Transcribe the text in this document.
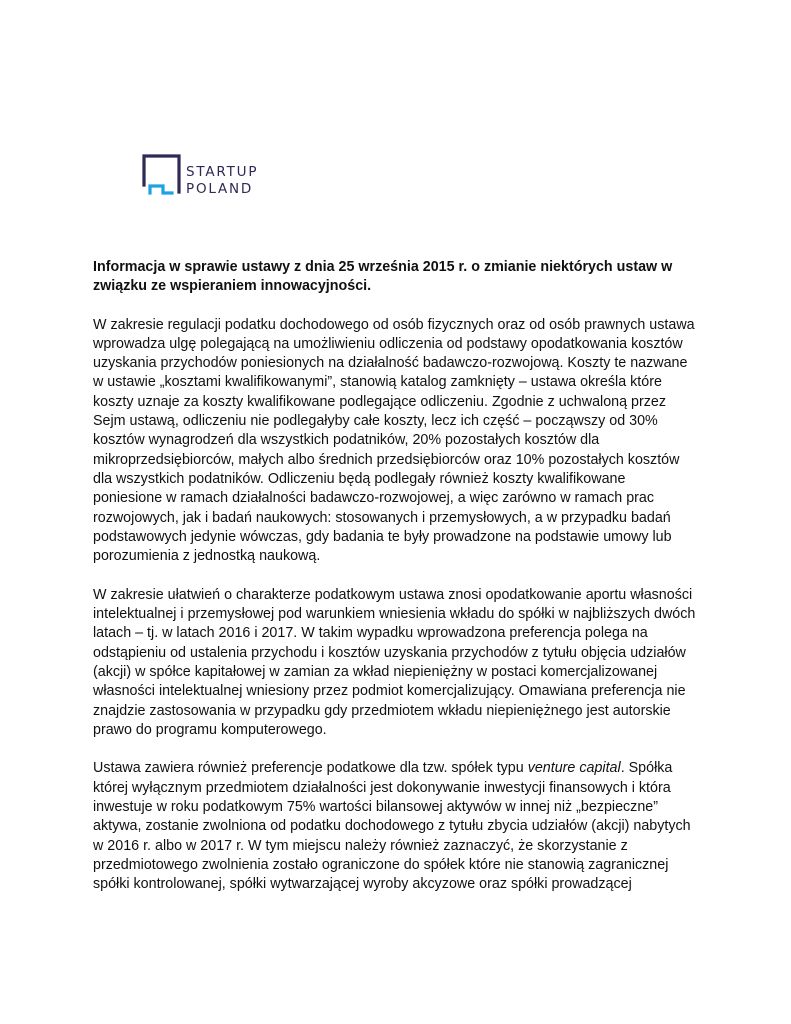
STARTUP
POLAND

Informacja w sprawie ustawy z dnia 25 września 2015 r. o zmianie niektórych ustaw w związku ze wspieraniem innowacyjności.

W zakresie regulacji podatku dochodowego od osób fizycznych oraz od osób prawnych ustawa wprowadza ulgę polegającą na umożliwieniu odliczenia od podstawy opodatkowania kosztów uzyskania przychodów poniesionych na działalność badawczo-rozwojową. Koszty te nazwane w ustawie „kosztami kwalifikowanymi”, stanowią katalog zamknięty – ustawa określa które koszty uznaje za koszty kwalifikowane podlegające odliczeniu. Zgodnie z uchwaloną przez Sejm ustawą, odliczeniu nie podlegałyby całe koszty, lecz ich część – począwszy od 30% kosztów wynagrodzeń dla wszystkich podatników, 20% pozostałych kosztów dla mikroprzedsiębiorców, małych albo średnich przedsiębiorców oraz 10% pozostałych kosztów dla wszystkich podatników. Odliczeniu będą podlegały również koszty kwalifikowane poniesione w ramach działalności badawczo-rozwojowej, a więc zarówno w ramach prac rozwojowych, jak i badań naukowych: stosowanych i przemysłowych, a w przypadku badań podstawowych jedynie wówczas, gdy badania te były prowadzone na podstawie umowy lub porozumienia z jednostką naukową.

W zakresie ułatwień o charakterze podatkowym ustawa znosi opodatkowanie aportu własności intelektualnej i przemysłowej pod warunkiem wniesienia wkładu do spółki w najbliższych dwóch latach – tj. w latach 2016 i 2017. W takim wypadku wprowadzona preferencja polega na odstąpieniu od ustalenia przychodu i kosztów uzyskania przychodów z tytułu objęcia udziałów (akcji) w spółce kapitałowej w zamian za wkład niepieniężny w postaci komercjalizowanej własności intelektualnej wniesiony przez podmiot komercjalizujący. Omawiana preferencja nie znajdzie zastosowania w przypadku gdy przedmiotem wkładu niepieniężnego jest autorskie prawo do programu komputerowego.

Ustawa zawiera również preferencje podatkowe dla tzw. spółek typu venture capital. Spółka której wyłącznym przedmiotem działalności jest dokonywanie inwestycji finansowych i która inwestuje w roku podatkowym 75% wartości bilansowej aktywów w innej niż „bezpieczne” aktywa, zostanie zwolniona od podatku dochodowego z tytułu zbycia udziałów (akcji) nabytych w 2016 r. albo w 2017 r. W tym miejscu należy również zaznaczyć, że skorzystanie z przedmiotowego zwolnienia zostało ograniczone do spółek które nie stanowią zagranicznej spółki kontrolowanej, spółki wytwarzającej wyroby akcyzowe oraz spółki prowadzącej
